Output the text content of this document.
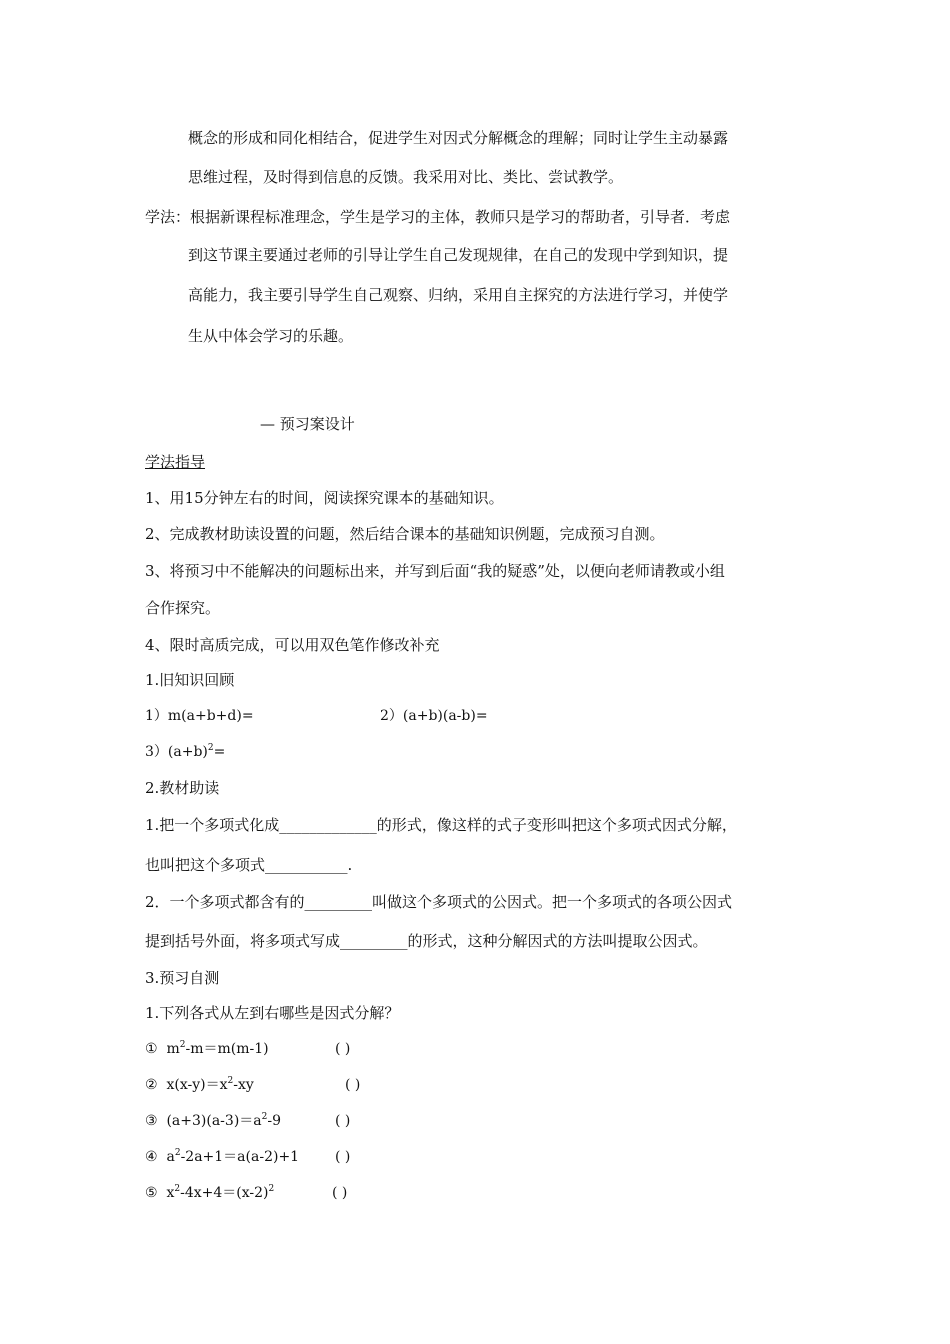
概念的形成和同化相结合，促进学生对因式分解概念的理解；同时让学生主动暴露
思维过程，及时得到信息的反馈。我采用对比、类比、尝试教学。
学法：根据新课程标准理念，学生是学习的主体，教师只是学习的帮助者，引导者．考虑
到这节课主要通过老师的引导让学生自己发现规律，在自己的发现中学到知识，提
高能力，我主要引导学生自己观察、归纳，采用自主探究的方法进行学习，并使学
生从中体会学习的乐趣。
— 预习案设计
学法指导
1、用15分钟左右的时间，阅读探究课本的基础知识。
2、完成教材助读设置的问题，然后结合课本的基础知识例题，完成预习自测。
3、将预习中不能解决的问题标出来，并写到后面“我的疑惑”处，以便向老师请教或小组
合作探究。
4、限时高质完成，可以用双色笔作修改补充
1.旧知识回顾
1）m(a+b+d)=	2）(a+b)(a-b)=
$3)(a+b)^2=$
2.教材助读
1.把一个多项式化成_____________的形式，像这样的式子变形叫把这个多项式因式分解，
也叫把这个多项式___________.
2．一个多项式都含有的_________叫做这个多项式的公因式。把一个多项式的各项公因式
提到括号外面，将多项式写成_________的形式，这种分解因式的方法叫提取公因式。
3.预习自测
1.下列各式从左到右哪些是因式分解？
① $m^2-m=m(m-1)$	( )
② $x(x-y)=x^2-xy$	( )
③ $(a+3)(a-3)=a^2-9$	( )
④ $a^2-2a+1=a(a-2)+1$	( )
⑤ $x^2-4x+4=(x-2)^2$	( )
